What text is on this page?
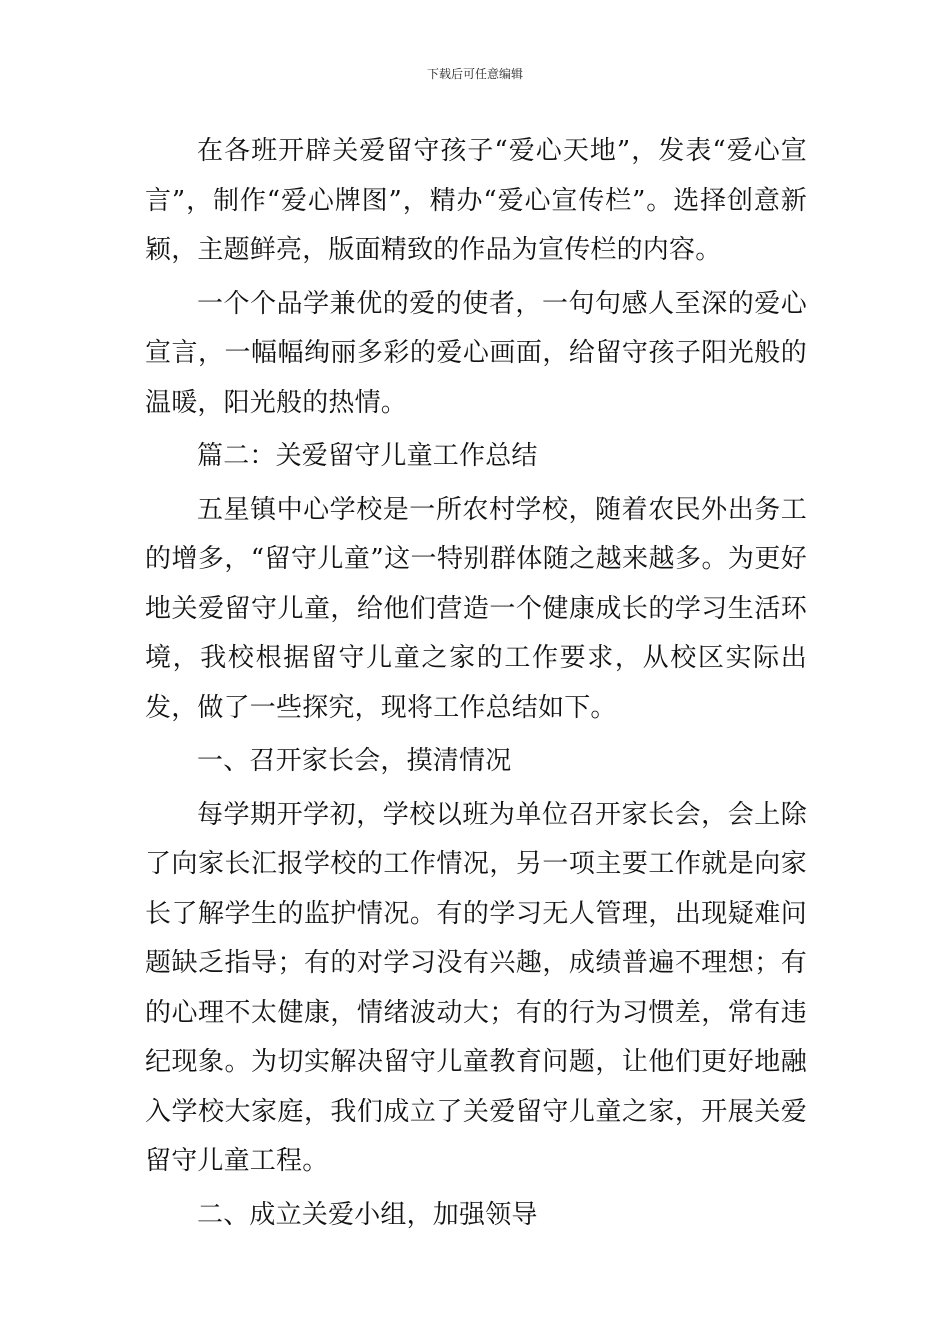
下载后可任意编辑

在各班开辟关爱留守孩子“爱心天地”，发表“爱心宣言”，制作“爱心牌图”，精办“爱心宣传栏”。选择创意新颖，主题鲜亮，版面精致的作品为宣传栏的内容。

一个个品学兼优的爱的使者，一句句感人至深的爱心宣言，一幅幅绚丽多彩的爱心画面，给留守孩子阳光般的温暖，阳光般的热情。

篇二：关爱留守儿童工作总结

五星镇中心学校是一所农村学校，随着农民外出务工的增多，“留守儿童”这一特别群体随之越来越多。为更好地关爱留守儿童，给他们营造一个健康成长的学习生活环境，我校根据留守儿童之家的工作要求，从校区实际出发，做了一些探究，现将工作总结如下。

一、召开家长会，摸清情况

每学期开学初，学校以班为单位召开家长会，会上除了向家长汇报学校的工作情况，另一项主要工作就是向家长了解学生的监护情况。有的学习无人管理，出现疑难问题缺乏指导；有的对学习没有兴趣，成绩普遍不理想；有的心理不太健康，情绪波动大；有的行为习惯差，常有违纪现象。为切实解决留守儿童教育问题，让他们更好地融入学校大家庭，我们成立了关爱留守儿童之家，开展关爱留守儿童工程。

二、成立关爱小组，加强领导
